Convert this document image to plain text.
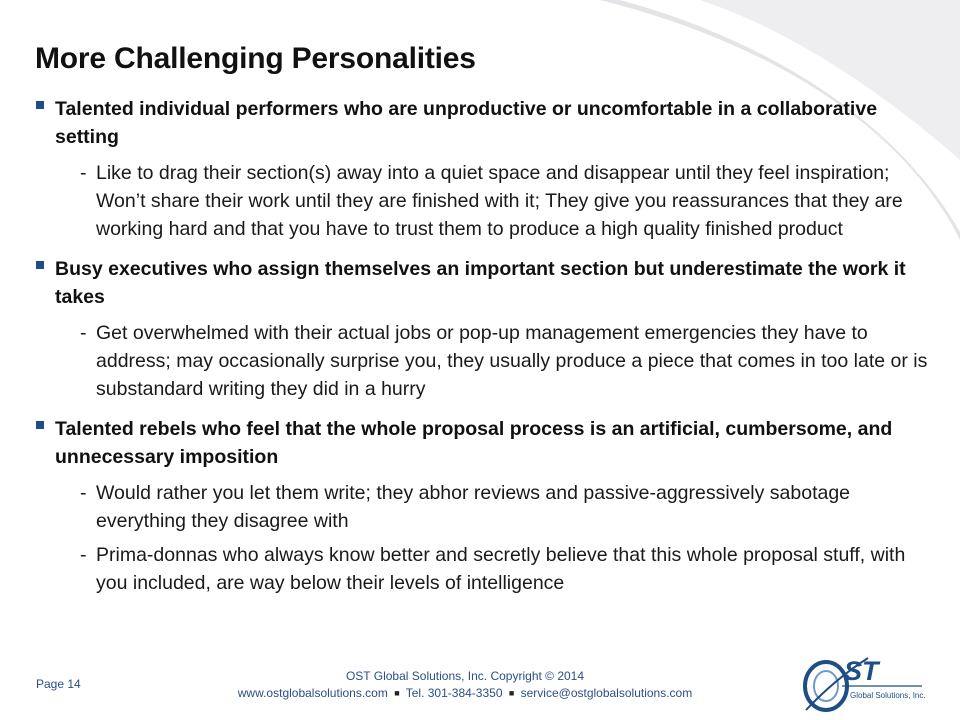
More Challenging Personalities
Talented individual performers who are unproductive or uncomfortable in a collaborative setting
- Like to drag their section(s) away into a quiet space and disappear until they feel inspiration; Won’t share their work until they are finished with it; They give you reassurances that they are working hard and that you have to trust them to produce a high quality finished product
Busy executives who assign themselves an important section but underestimate the work it takes
- Get overwhelmed with their actual jobs or pop-up management emergencies they have to address; may occasionally surprise you, they usually produce a piece that comes in too late or is substandard writing they did in a hurry
Talented rebels who feel that the whole proposal process is an artificial, cumbersome, and unnecessary imposition
- Would rather you let them write; they abhor reviews and passive-aggressively sabotage everything they disagree with
- Prima-donnas who always know better and secretly believe that this whole proposal stuff, with you included, are way below their levels of intelligence
Page 14
OST Global Solutions, Inc. Copyright © 2014
www.ostglobalsolutions.com ■ Tel. 301-384-3350 ■ service@ostglobalsolutions.com
ST
Global Solutions, Inc.
